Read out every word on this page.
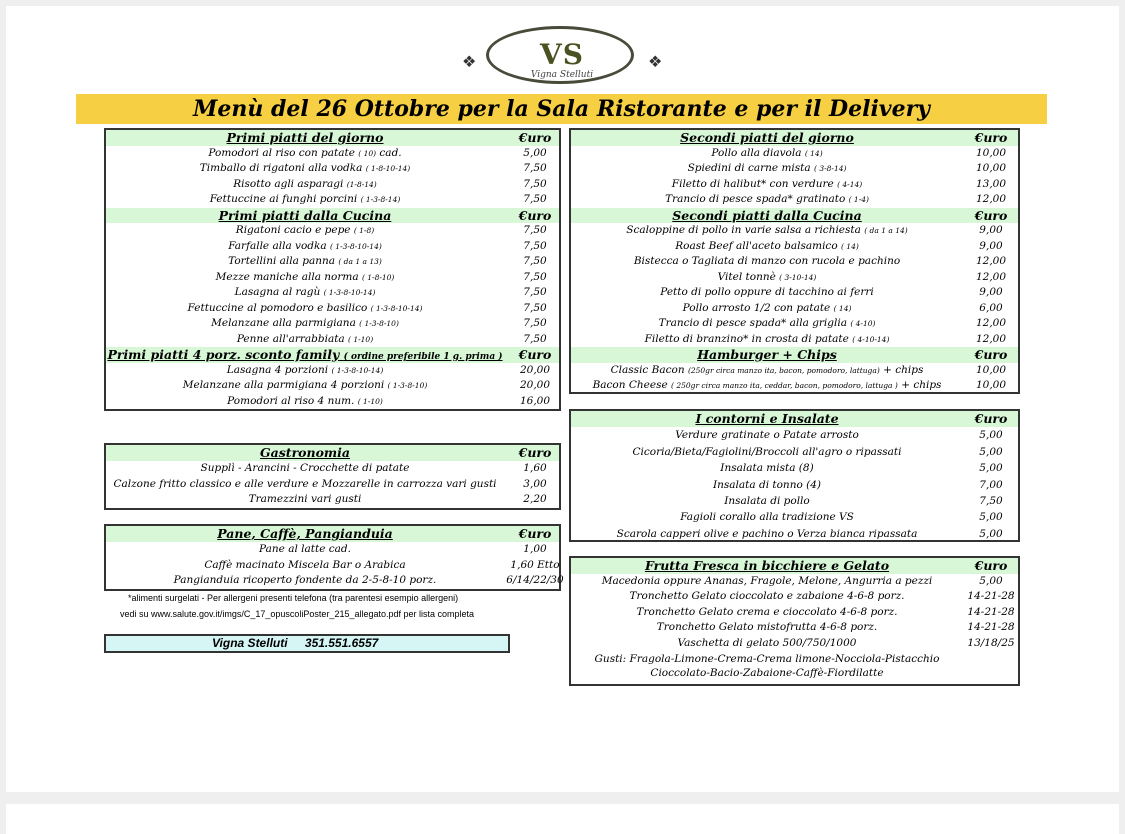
❖	VS
Vigna Stelluti
❖
Menù del 26 Ottobre per la Sala Ristorante e per il Delivery
Primi piatti del giorno	€uro
Pomodori al riso con patate ( 10) cad.	5,00
Timballo di rigatoni alla vodka ( 1-8-10-14)	7,50
Risotto agli asparagi (1-8-14)	7,50
Fettuccine ai funghi porcini ( 1-3-8-14)	7,50
Primi piatti dalla Cucina	€uro
Rigatoni cacio e pepe ( 1-8)	7,50
Farfalle alla vodka ( 1-3-8-10-14)	7,50
Tortellini alla panna ( da 1 a 13)	7,50
Mezze maniche alla norma ( 1-8-10)	7,50
Lasagna al ragù ( 1-3-8-10-14)	7,50
Fettuccine al pomodoro e basilico ( 1-3-8-10-14)	7,50
Melanzane alla parmigiana ( 1-3-8-10)	7,50
Penne all'arrabbiata ( 1-10)	7,50
Primi piatti 4 porz. sconto family ( ordine preferibile 1 g. prima )	€uro
Lasagna 4 porzioni ( 1-3-8-10-14)	20,00
Melanzane alla parmigiana 4 porzioni ( 1-3-8-10)	20,00
Pomodori al riso 4 num. ( 1-10)	16,00
Gastronomia	€uro
Supplì - Arancini - Crocchette di patate	1,60
Calzone fritto classico e alle verdure e Mozzarelle in carrozza vari gusti	3,00
Tramezzini vari gusti	2,20
Pane, Caffè, Pangianduia	€uro
Pane al latte cad.	1,00
Caffè macinato Miscela Bar o Arabica	1,60 Etto
Pangianduia ricoperto fondente da 2-5-8-10 porz.	6/14/22/30
*alimenti surgelati - Per allergeni presenti telefona (tra parentesi esempio allergeni)
vedi su www.salute.gov.it/imgs/C_17_opuscoliPoster_215_allegato.pdf per lista completa
Vigna Stelluti 351.551.6557
Secondi piatti del giorno	€uro
Pollo alla diavola ( 14)	10,00
Spiedini di carne mista ( 3-8-14)	10,00
Filetto di halibut* con verdure ( 4-14)	13,00
Trancio di pesce spada* gratinato ( 1-4)	12,00
Secondi piatti dalla Cucina	€uro
Scaloppine di pollo in varie salsa a richiesta ( da 1 a 14)	9,00
Roast Beef all'aceto balsamico ( 14)	9,00
Bistecca o Tagliata di manzo con rucola e pachino	12,00
Vitel tonnè ( 3-10-14)	12,00
Petto di pollo oppure di tacchino ai ferri	9,00
Pollo arrosto 1/2 con patate ( 14)	6,00
Trancio di pesce spada* alla griglia ( 4-10)	12,00
Filetto di branzino* in crosta di patate ( 4-10-14)	12,00
Hamburger + Chips	€uro
Classic Bacon (250gr circa manzo ita, bacon, pomodoro, lattuga) + chips	10,00
Bacon Cheese ( 250gr circa manzo ita, ceddar, bacon, pomodoro, lattuga ) + chips	10,00
I contorni e Insalate	€uro
Verdure gratinate o Patate arrosto	5,00
Cicoria/Bieta/Fagiolini/Broccoli all'agro o ripassati	5,00
Insalata mista (8)	5,00
Insalata di tonno (4)	7,00
Insalata di pollo	7,50
Fagioli corallo alla tradizione VS	5,00
Scarola capperi olive e pachino o Verza bianca ripassata	5,00
Frutta Fresca in bicchiere e Gelato	€uro
Macedonia oppure Ananas, Fragole, Melone, Angurria a pezzi	5,00
Tronchetto Gelato cioccolato e zabaione 4-6-8 porz.	14-21-28
Tronchetto Gelato crema e cioccolato 4-6-8 porz.	14-21-28
Tronchetto Gelato mistofrutta 4-6-8 porz.	14-21-28
Vaschetta di gelato 500/750/1000	13/18/25
Gusti: Fragola-Limone-Crema-Crema limone-Nocciola-Pistacchio
Cioccolato-Bacio-Zabaione-Caffè-Fiordilatte
